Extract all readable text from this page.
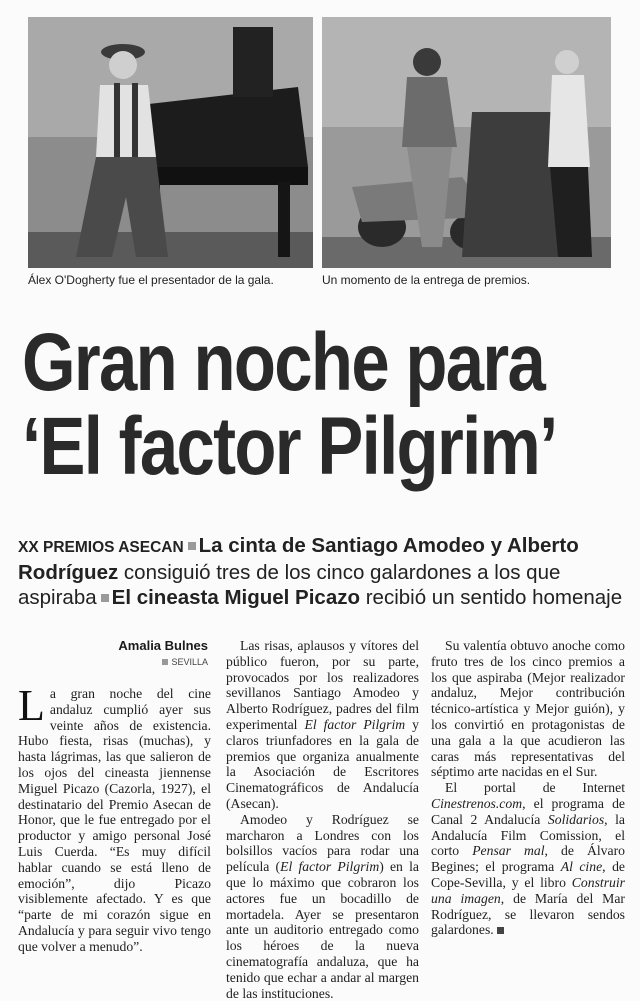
Álex O'Dogherty fue el presentador de la gala.	Un momento de la entrega de premios.
Gran noche para
‘El factor Pilgrim’
XX PREMIOS ASECAN La cinta de Santiago Amodeo y Alberto Rodríguez consiguió tres de los cinco galardones a los que aspiraba El cineasta Miguel Picazo recibió un sentido homenaje
Amalia Bulnes
SEVILLA

La gran noche del cine andaluz cumplió ayer sus veinte años de existencia. Hubo fiesta, risas (muchas), y hasta lágrimas, las que salieron de los ojos del cineasta jiennense Miguel Picazo (Cazorla, 1927), el destinatario del Premio Asecan de Honor, que le fue entregado por el productor y amigo personal José Luis Cuerda. “Es muy difícil hablar cuando se está lleno de emoción”, dijo Picazo visiblemente afectado. Y es que “parte de mi corazón sigue en Andalucía y para seguir vivo tengo que volver a menudo”.

Las risas, aplausos y vítores del público fueron, por su parte, provocados por los realizadores sevillanos Santiago Amodeo y Alberto Rodríguez, padres del film experimental El factor Pilgrim y claros triunfadores en la gala de premios que organiza anualmente la Asociación de Escritores Cinematográficos de Andalucía (Asecan).

Amodeo y Rodríguez se marcharon a Londres con los bolsillos vacíos para rodar una película (El factor Pilgrim) en la que lo máximo que cobraron los actores fue un bocadillo de mortadela. Ayer se presentaron ante un auditorio entregado como los héroes de la nueva cinematografía andaluza, que ha tenido que echar a andar al margen de las instituciones.

Su valentía obtuvo anoche como fruto tres de los cinco premios a los que aspiraba (Mejor realizador andaluz, Mejor contribución técnico-artística y Mejor guión), y los convirtió en protagonistas de una gala a la que acudieron las caras más representativas del séptimo arte nacidas en el Sur.

El portal de Internet Cinestrenos.com, el programa de Canal 2 Andalucía Solidarios, la Andalucía Film Comission, el corto Pensar mal, de Álvaro Begines; el programa Al cine, de Cope-Sevilla, y el libro Construir una imagen, de María del Mar Rodríguez, se llevaron sendos galardones.
